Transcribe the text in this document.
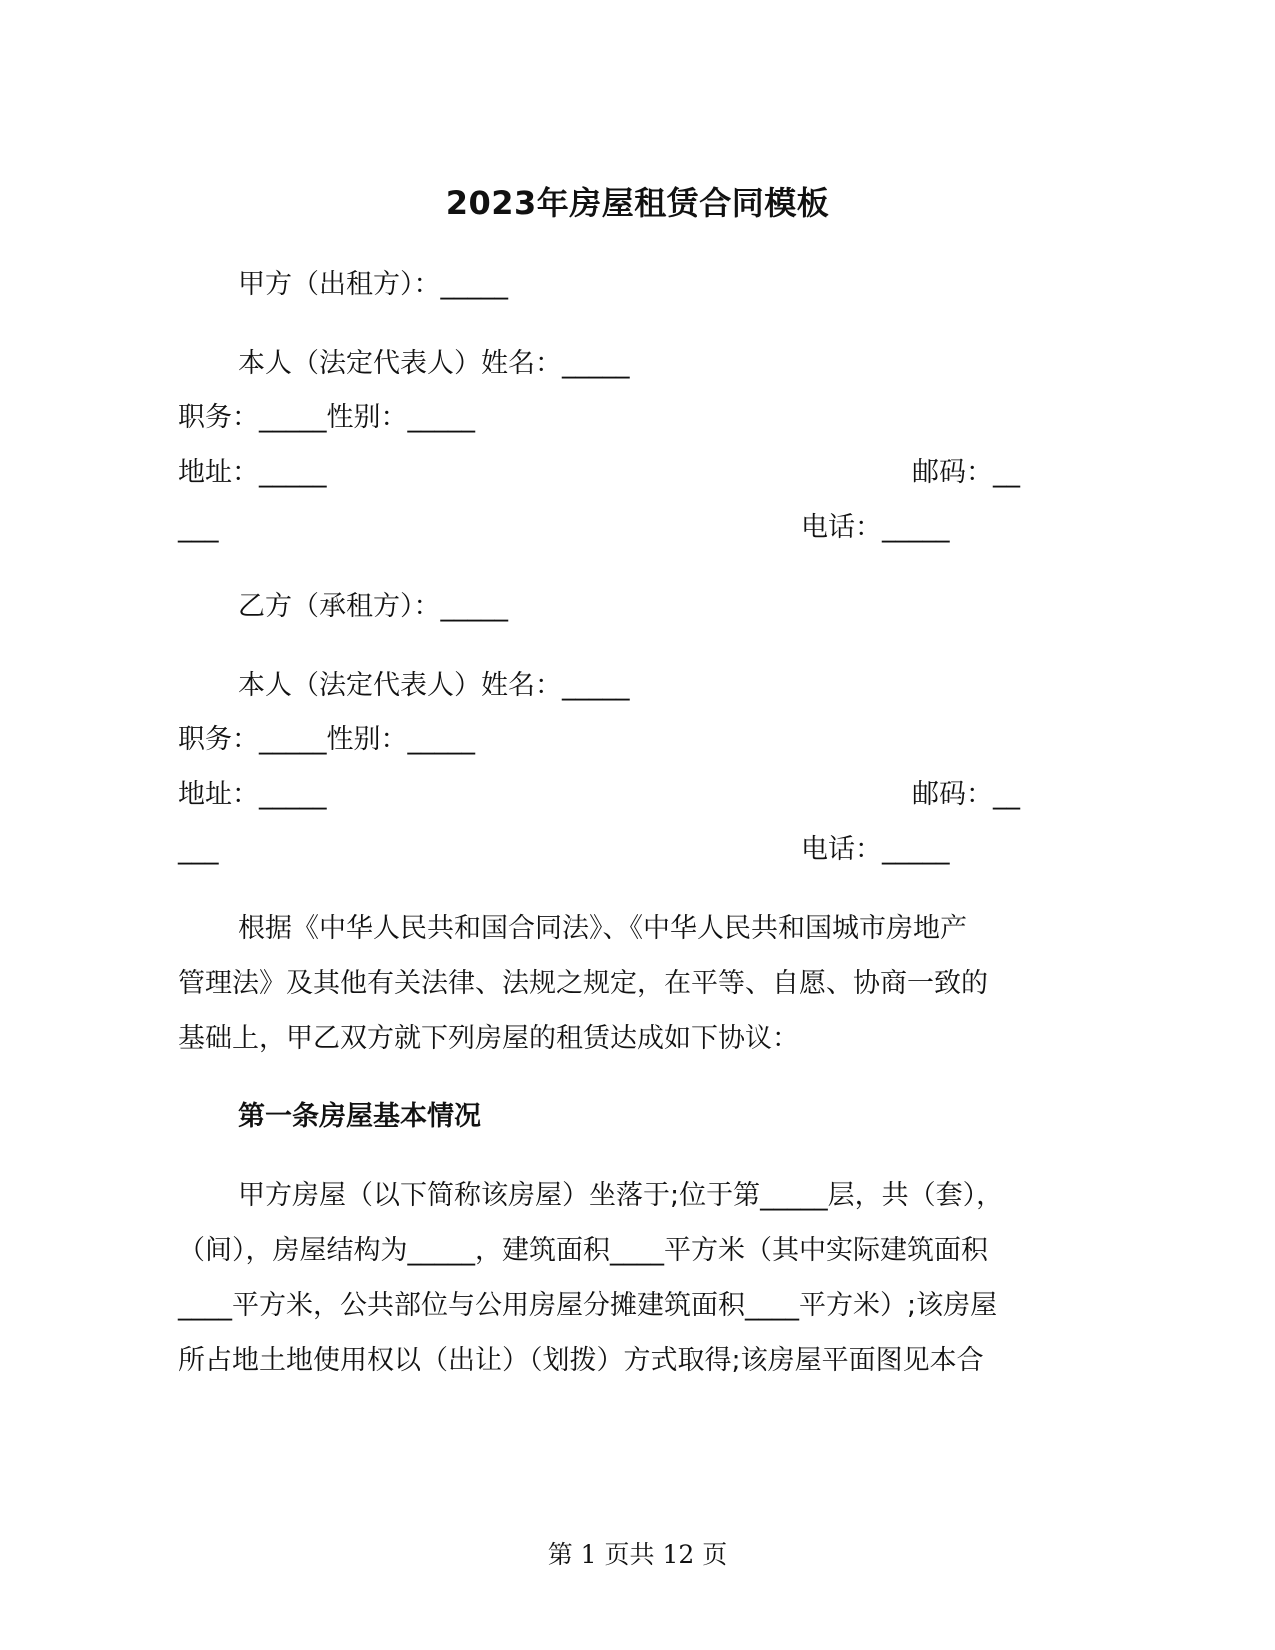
2023年房屋租赁合同模板
甲方（出租方）：_____
本人（法定代表人）姓名：_____
职务：_____性别：_____
地址：_____	邮码：__
___	电话：_____
乙方（承租方）：_____
本人（法定代表人）姓名：_____
职务：_____性别：_____
地址：_____	邮码：__
___	电话：_____
根据《中华人民共和国合同法》、《中华人民共和国城市房地产
管理法》及其他有关法律、法规之规定，在平等、自愿、协商一致的
基础上，甲乙双方就下列房屋的租赁达成如下协议：
第一条房屋基本情况
甲方房屋（以下简称该房屋）坐落于;位于第_____层，共（套），
（间），房屋结构为_____，建筑面积____平方米（其中实际建筑面积
____平方米，公共部位与公用房屋分摊建筑面积____平方米）;该房屋
所占地土地使用权以（出让）（划拨）方式取得;该房屋平面图见本合
第 1 页共 12 页
